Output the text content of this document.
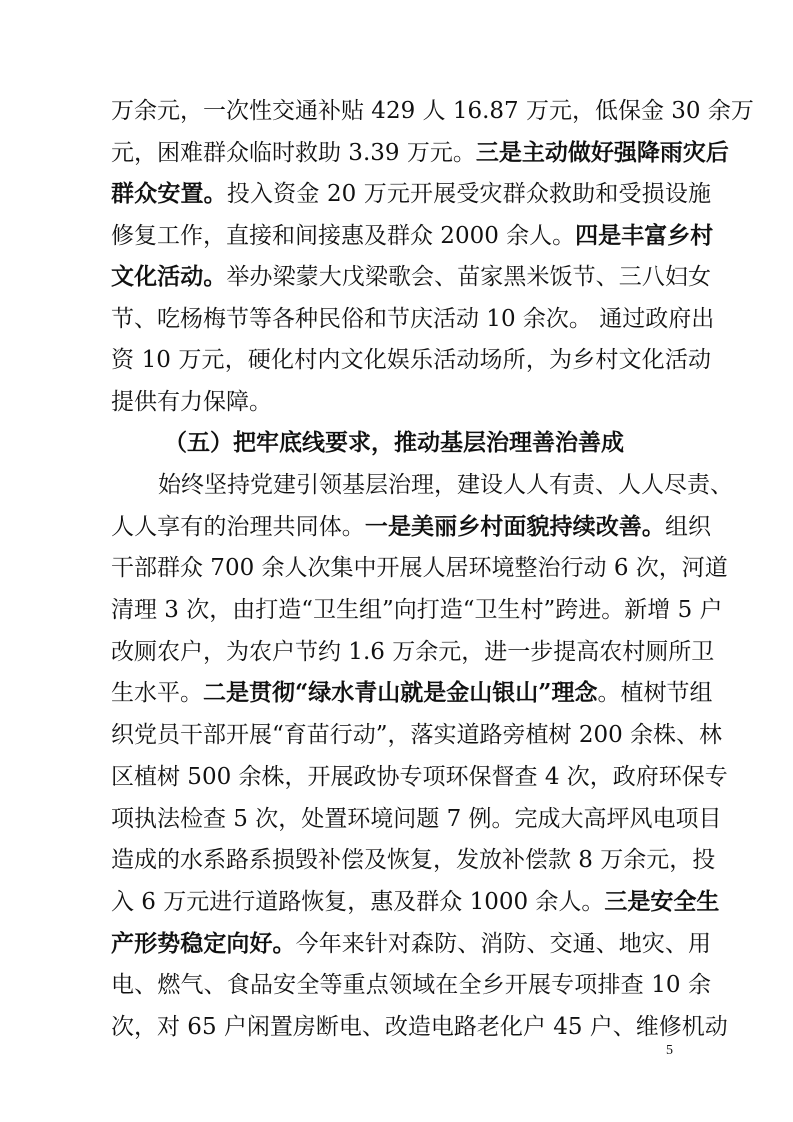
万余元，一次性交通补贴 429 人 16.87 万元，低保金 30 余万
元，困难群众临时救助 3.39 万元。三是主动做好强降雨灾后
群众安置。投入资金 20 万元开展受灾群众救助和受损设施
修复工作，直接和间接惠及群众 2000 余人。四是丰富乡村
文化活动。举办梁蒙大戊梁歌会、苗家黑米饭节、三八妇女
节、吃杨梅节等各种民俗和节庆活动 10 余次。 通过政府出
资 10 万元，硬化村内文化娱乐活动场所，为乡村文化活动
提供有力保障。
（五）把牢底线要求，推动基层治理善治善成
始终坚持党建引领基层治理，建设人人有责、人人尽责、
人人享有的治理共同体。一是美丽乡村面貌持续改善。组织
干部群众 700 余人次集中开展人居环境整治行动 6 次，河道
清理 3 次，由打造“卫生组”向打造“卫生村”跨进。新增 5 户
改厕农户，为农户节约 1.6 万余元，进一步提高农村厕所卫
生水平。二是贯彻“绿水青山就是金山银山”理念。植树节组
织党员干部开展“育苗行动”，落实道路旁植树 200 余株、林
区植树 500 余株，开展政协专项环保督查 4 次，政府环保专
项执法检查 5 次，处置环境问题 7 例。完成大高坪风电项目
造成的水系路系损毁补偿及恢复，发放补偿款 8 万余元，投
入 6 万元进行道路恢复，惠及群众 1000 余人。三是安全生
产形势稳定向好。今年来针对森防、消防、交通、地灾、用
电、燃气、食品安全等重点领域在全乡开展专项排查 10 余
次，对 65 户闲置房断电、改造电路老化户 45 户、维修机动
5
